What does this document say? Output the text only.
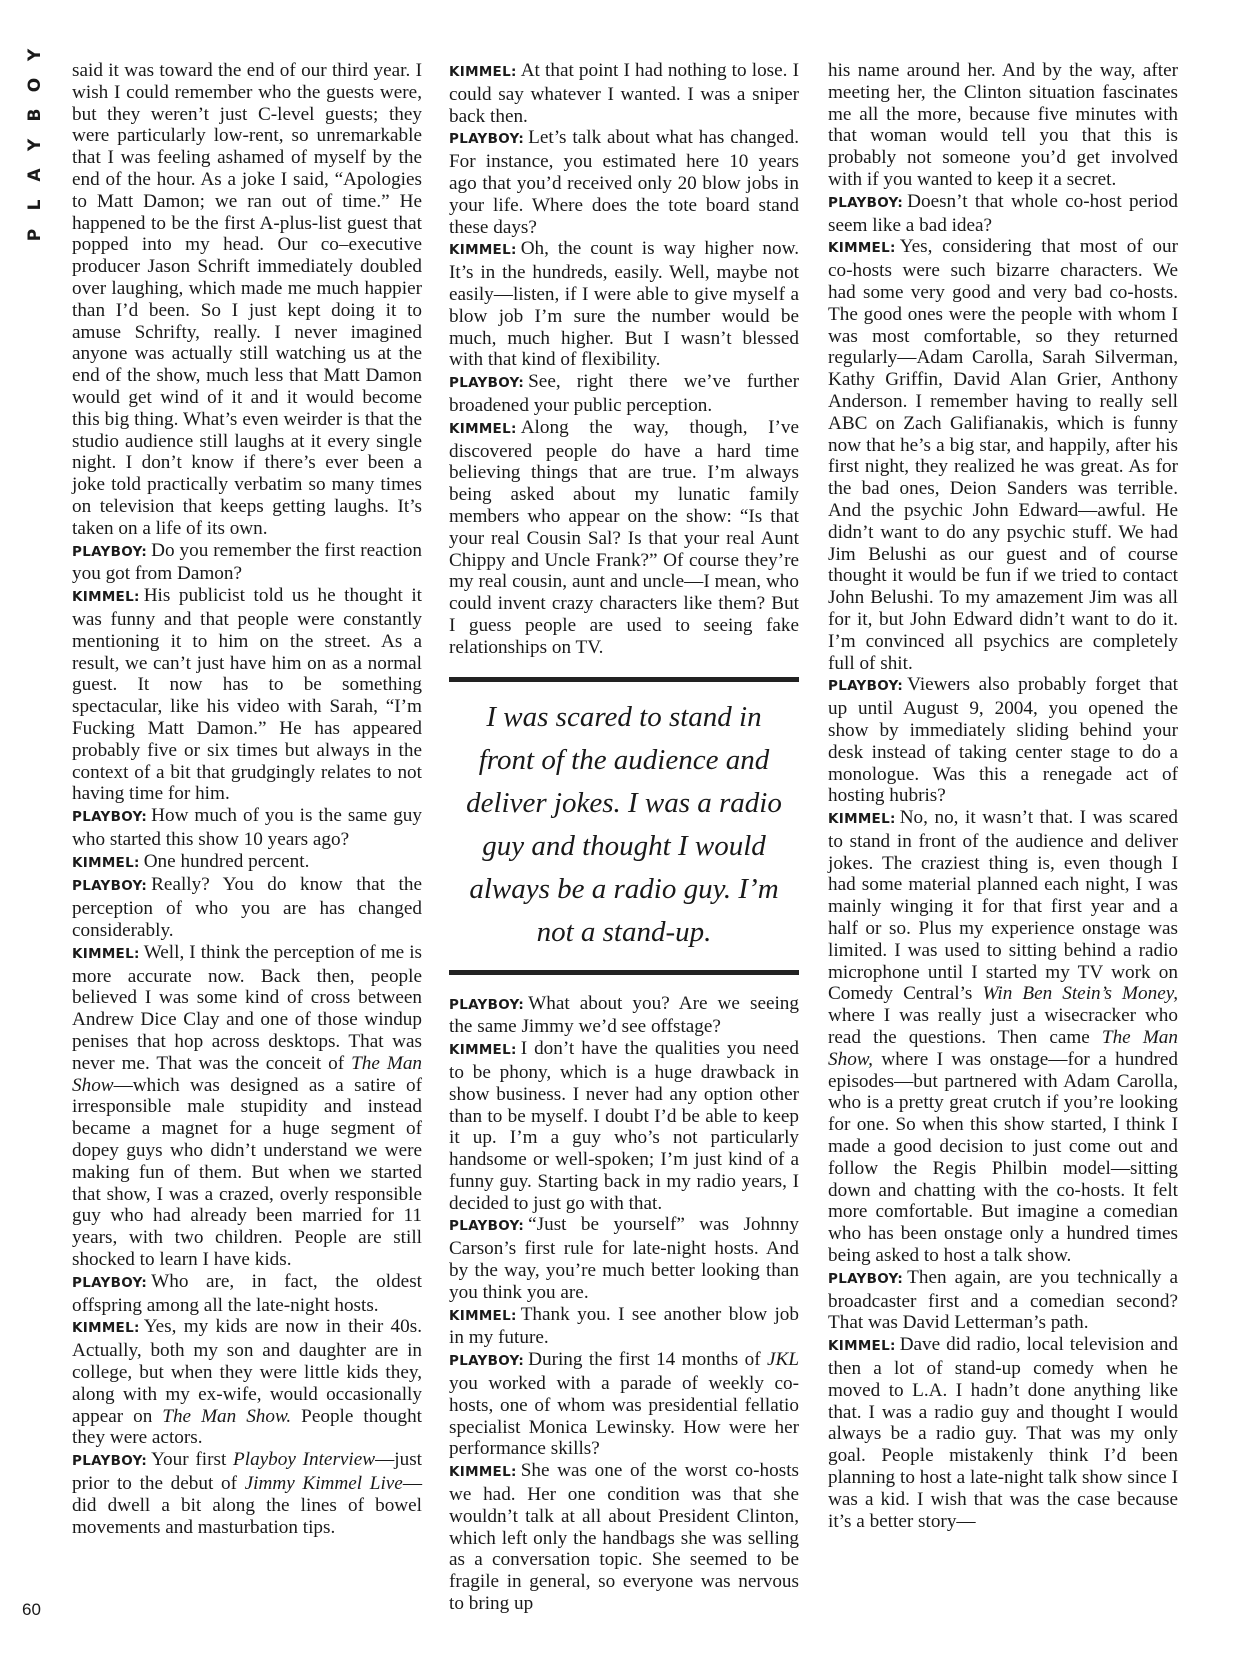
Y
O
B
Y
A
L
P
60

said it was toward the end of our third year. I wish I could remember who the guests were, but they weren’t just C-level guests; they were particularly low-rent, so unremarkable that I was feeling ashamed of myself by the end of the hour. As a joke I said, “Apologies to Matt Damon; we ran out of time.” He happened to be the first A-plus-list guest that popped into my head. Our co–executive producer Jason Schrift immediately doubled over laughing, which made me much happier than I’d been. So I just kept doing it to amuse Schrifty, really. I never imagined anyone was actually still watching us at the end of the show, much less that Matt Damon would get wind of it and it would become this big thing. What’s even weirder is that the studio audience still laughs at it every single night. I don’t know if there’s ever been a joke told practically verbatim so many times on television that keeps getting laughs. It’s taken on a life of its own.

PLAYBOY: Do you remember the first reaction you got from Damon?

KIMMEL: His publicist told us he thought it was funny and that people were constantly mentioning it to him on the street. As a result, we can’t just have him on as a normal guest. It now has to be something spectacular, like his video with Sarah, “I’m Fucking Matt Damon.” He has appeared probably five or six times but always in the context of a bit that grudgingly relates to not having time for him.

PLAYBOY: How much of you is the same guy who started this show 10 years ago?

KIMMEL: One hundred percent.

PLAYBOY: Really? You do know that the perception of who you are has changed considerably.

KIMMEL: Well, I think the perception of me is more accurate now. Back then, people believed I was some kind of cross between Andrew Dice Clay and one of those windup penises that hop across desktops. That was never me. That was the conceit of The Man Show—which was designed as a satire of irresponsible male stupidity and instead became a magnet for a huge segment of dopey guys who didn’t understand we were making fun of them. But when we started that show, I was a crazed, overly responsible guy who had already been married for 11 years, with two children. People are still shocked to learn I have kids.

PLAYBOY: Who are, in fact, the oldest offspring among all the late-night hosts.

KIMMEL: Yes, my kids are now in their 40s. Actually, both my son and daughter are in college, but when they were little kids they, along with my ex-wife, would occasionally appear on The Man Show. People thought they were actors.

PLAYBOY: Your first Playboy Interview—just prior to the debut of Jimmy Kimmel Live—did dwell a bit along the lines of bowel movements and masturbation tips.

KIMMEL: At that point I had nothing to lose. I could say whatever I wanted. I was a sniper back then.

PLAYBOY: Let’s talk about what has changed. For instance, you estimated here 10 years ago that you’d received only 20 blow jobs in your life. Where does the tote board stand these days?

KIMMEL: Oh, the count is way higher now. It’s in the hundreds, easily. Well, maybe not easily—listen, if I were able to give myself a blow job I’m sure the number would be much, much higher. But I wasn’t blessed with that kind of flexibility.

PLAYBOY: See, right there we’ve further broadened your public perception.

KIMMEL: Along the way, though, I’ve discovered people do have a hard time believing things that are true. I’m always being asked about my lunatic family members who appear on the show: “Is that your real Cousin Sal? Is that your real Aunt Chippy and Uncle Frank?” Of course they’re my real cousin, aunt and uncle—I mean, who could invent crazy characters like them? But I guess people are used to seeing fake relationships on TV.

I was scared to stand in front of the audience and deliver jokes. I was a radio guy and thought I would always be a radio guy. I’m not a stand-up.

PLAYBOY: What about you? Are we seeing the same Jimmy we’d see offstage?

KIMMEL: I don’t have the qualities you need to be phony, which is a huge drawback in show business. I never had any option other than to be myself. I doubt I’d be able to keep it up. I’m a guy who’s not particularly handsome or well-spoken; I’m just kind of a funny guy. Starting back in my radio years, I decided to just go with that.

PLAYBOY: “Just be yourself” was Johnny Carson’s first rule for late-night hosts. And by the way, you’re much better looking than you think you are.

KIMMEL: Thank you. I see another blow job in my future.

PLAYBOY: During the first 14 months of JKL you worked with a parade of weekly co-hosts, one of whom was presidential fellatio specialist Monica Lewinsky. How were her performance skills?

KIMMEL: She was one of the worst co-hosts we had. Her one condition was that she wouldn’t talk at all about President Clinton, which left only the handbags she was selling as a conversation topic. She seemed to be fragile in general, so everyone was nervous to bring up

his name around her. And by the way, after meeting her, the Clinton situation fascinates me all the more, because five minutes with that woman would tell you that this is probably not someone you’d get involved with if you wanted to keep it a secret.

PLAYBOY: Doesn’t that whole co-host period seem like a bad idea?

KIMMEL: Yes, considering that most of our co-hosts were such bizarre characters. We had some very good and very bad co-hosts. The good ones were the people with whom I was most comfortable, so they returned regularly—Adam Carolla, Sarah Silverman, Kathy Griffin, David Alan Grier, Anthony Anderson. I remember having to really sell ABC on Zach Galifianakis, which is funny now that he’s a big star, and happily, after his first night, they realized he was great. As for the bad ones, Deion Sanders was terrible. And the psychic John Edward—awful. He didn’t want to do any psychic stuff. We had Jim Belushi as our guest and of course thought it would be fun if we tried to contact John Belushi. To my amazement Jim was all for it, but John Edward didn’t want to do it. I’m convinced all psychics are completely full of shit.

PLAYBOY: Viewers also probably forget that up until August 9, 2004, you opened the show by immediately sliding behind your desk instead of taking center stage to do a monologue. Was this a renegade act of hosting hubris?

KIMMEL: No, no, it wasn’t that. I was scared to stand in front of the audience and deliver jokes. The craziest thing is, even though I had some material planned each night, I was mainly winging it for that first year and a half or so. Plus my experience onstage was limited. I was used to sitting behind a radio microphone until I started my TV work on Comedy Central’s Win Ben Stein’s Money, where I was really just a wisecracker who read the questions. Then came The Man Show, where I was onstage—for a hundred episodes—but partnered with Adam Carolla, who is a pretty great crutch if you’re looking for one. So when this show started, I think I made a good decision to just come out and follow the Regis Philbin model—sitting down and chatting with the co-hosts. It felt more comfortable. But imagine a comedian who has been onstage only a hundred times being asked to host a talk show.

PLAYBOY: Then again, are you technically a broadcaster first and a comedian second? That was David Letterman’s path.

KIMMEL: Dave did radio, local television and then a lot of stand-up comedy when he moved to L.A. I hadn’t done anything like that. I was a radio guy and thought I would always be a radio guy. That was my only goal. People mistakenly think I’d been planning to host a late-night talk show since I was a kid. I wish that was the case because it’s a better story—
